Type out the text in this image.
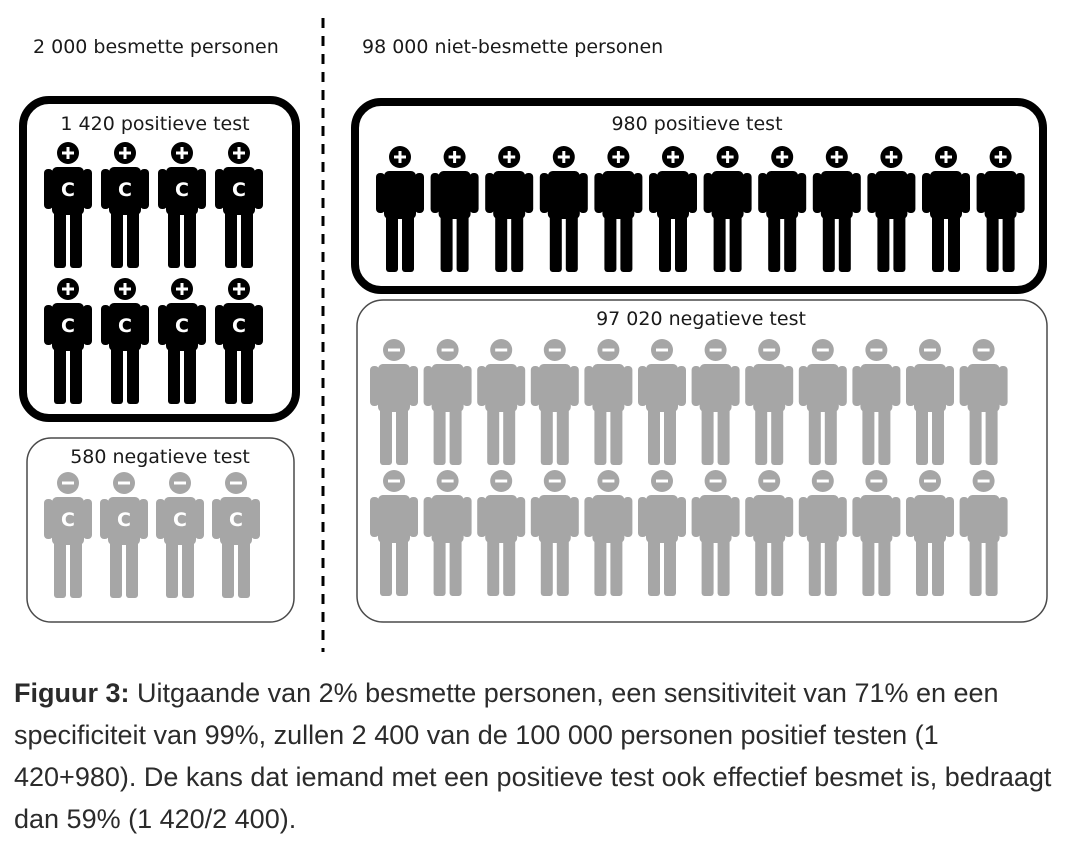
2 000 besmette personen	98 000 niet-besmette personen
1 420 positieve test
580 negatieve test
980 positieve test
97 020 negatieve test
C C C C
C C C C
C C C C

Figuur 3: Uitgaande van 2% besmette personen, een sensitiviteit van 71% en een specificiteit van 99%, zullen 2 400 van de 100 000 personen positief testen (1 420+980). De kans dat iemand met een positieve test ook effectief besmet is, bedraagt dan 59% (1 420/2 400).
